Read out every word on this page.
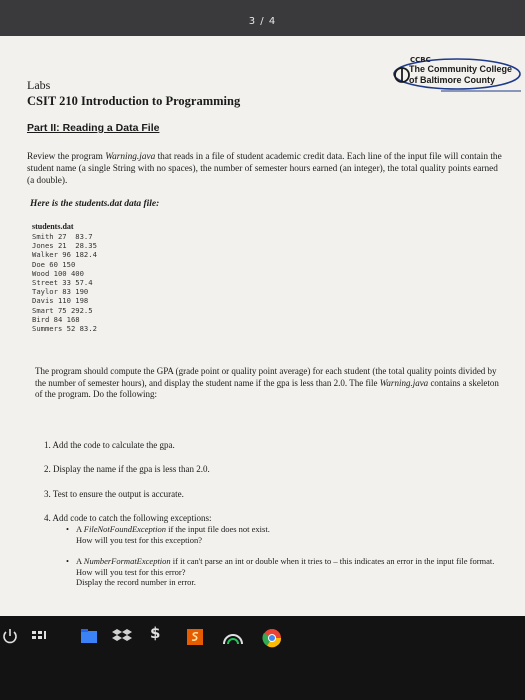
3 / 4
CCBC
The Community College
of Baltimore County
Labs
CSIT 210 Introduction to Programming
Part II: Reading a Data File
Review the program Warning.java that reads in a file of student academic credit data. Each line of the input file will contain the student name (a single String with no spaces), the number of semester hours earned (an integer), the total quality points earned (a double).
Here is the students.dat data file:
students.dat
Smith 27  83.7
Jones 21  28.35
Walker 96 182.4
Doe 60 150
Wood 100 400
Street 33 57.4
Taylor 83 190
Davis 110 198
Smart 75 292.5
Bird 84 168
Summers 52 83.2
The program should compute the GPA (grade point or quality point average) for each student (the total quality points divided by the number of semester hours), and display the student name if the gpa is less than 2.0. The file Warning.java contains a skeleton of the program. Do the following:
1. Add the code to calculate the gpa.
2. Display the name if the gpa is less than 2.0.
3. Test to ensure the output is accurate.
4. Add code to catch the following exceptions:
• A FileNotFoundException if the input file does not exist.
How will you test for this exception?
• A NumberFormatException if it can't parse an int or double when it tries to – this indicates an error in the input file format.
How will you test for this error?
Display the record number in error.
$
